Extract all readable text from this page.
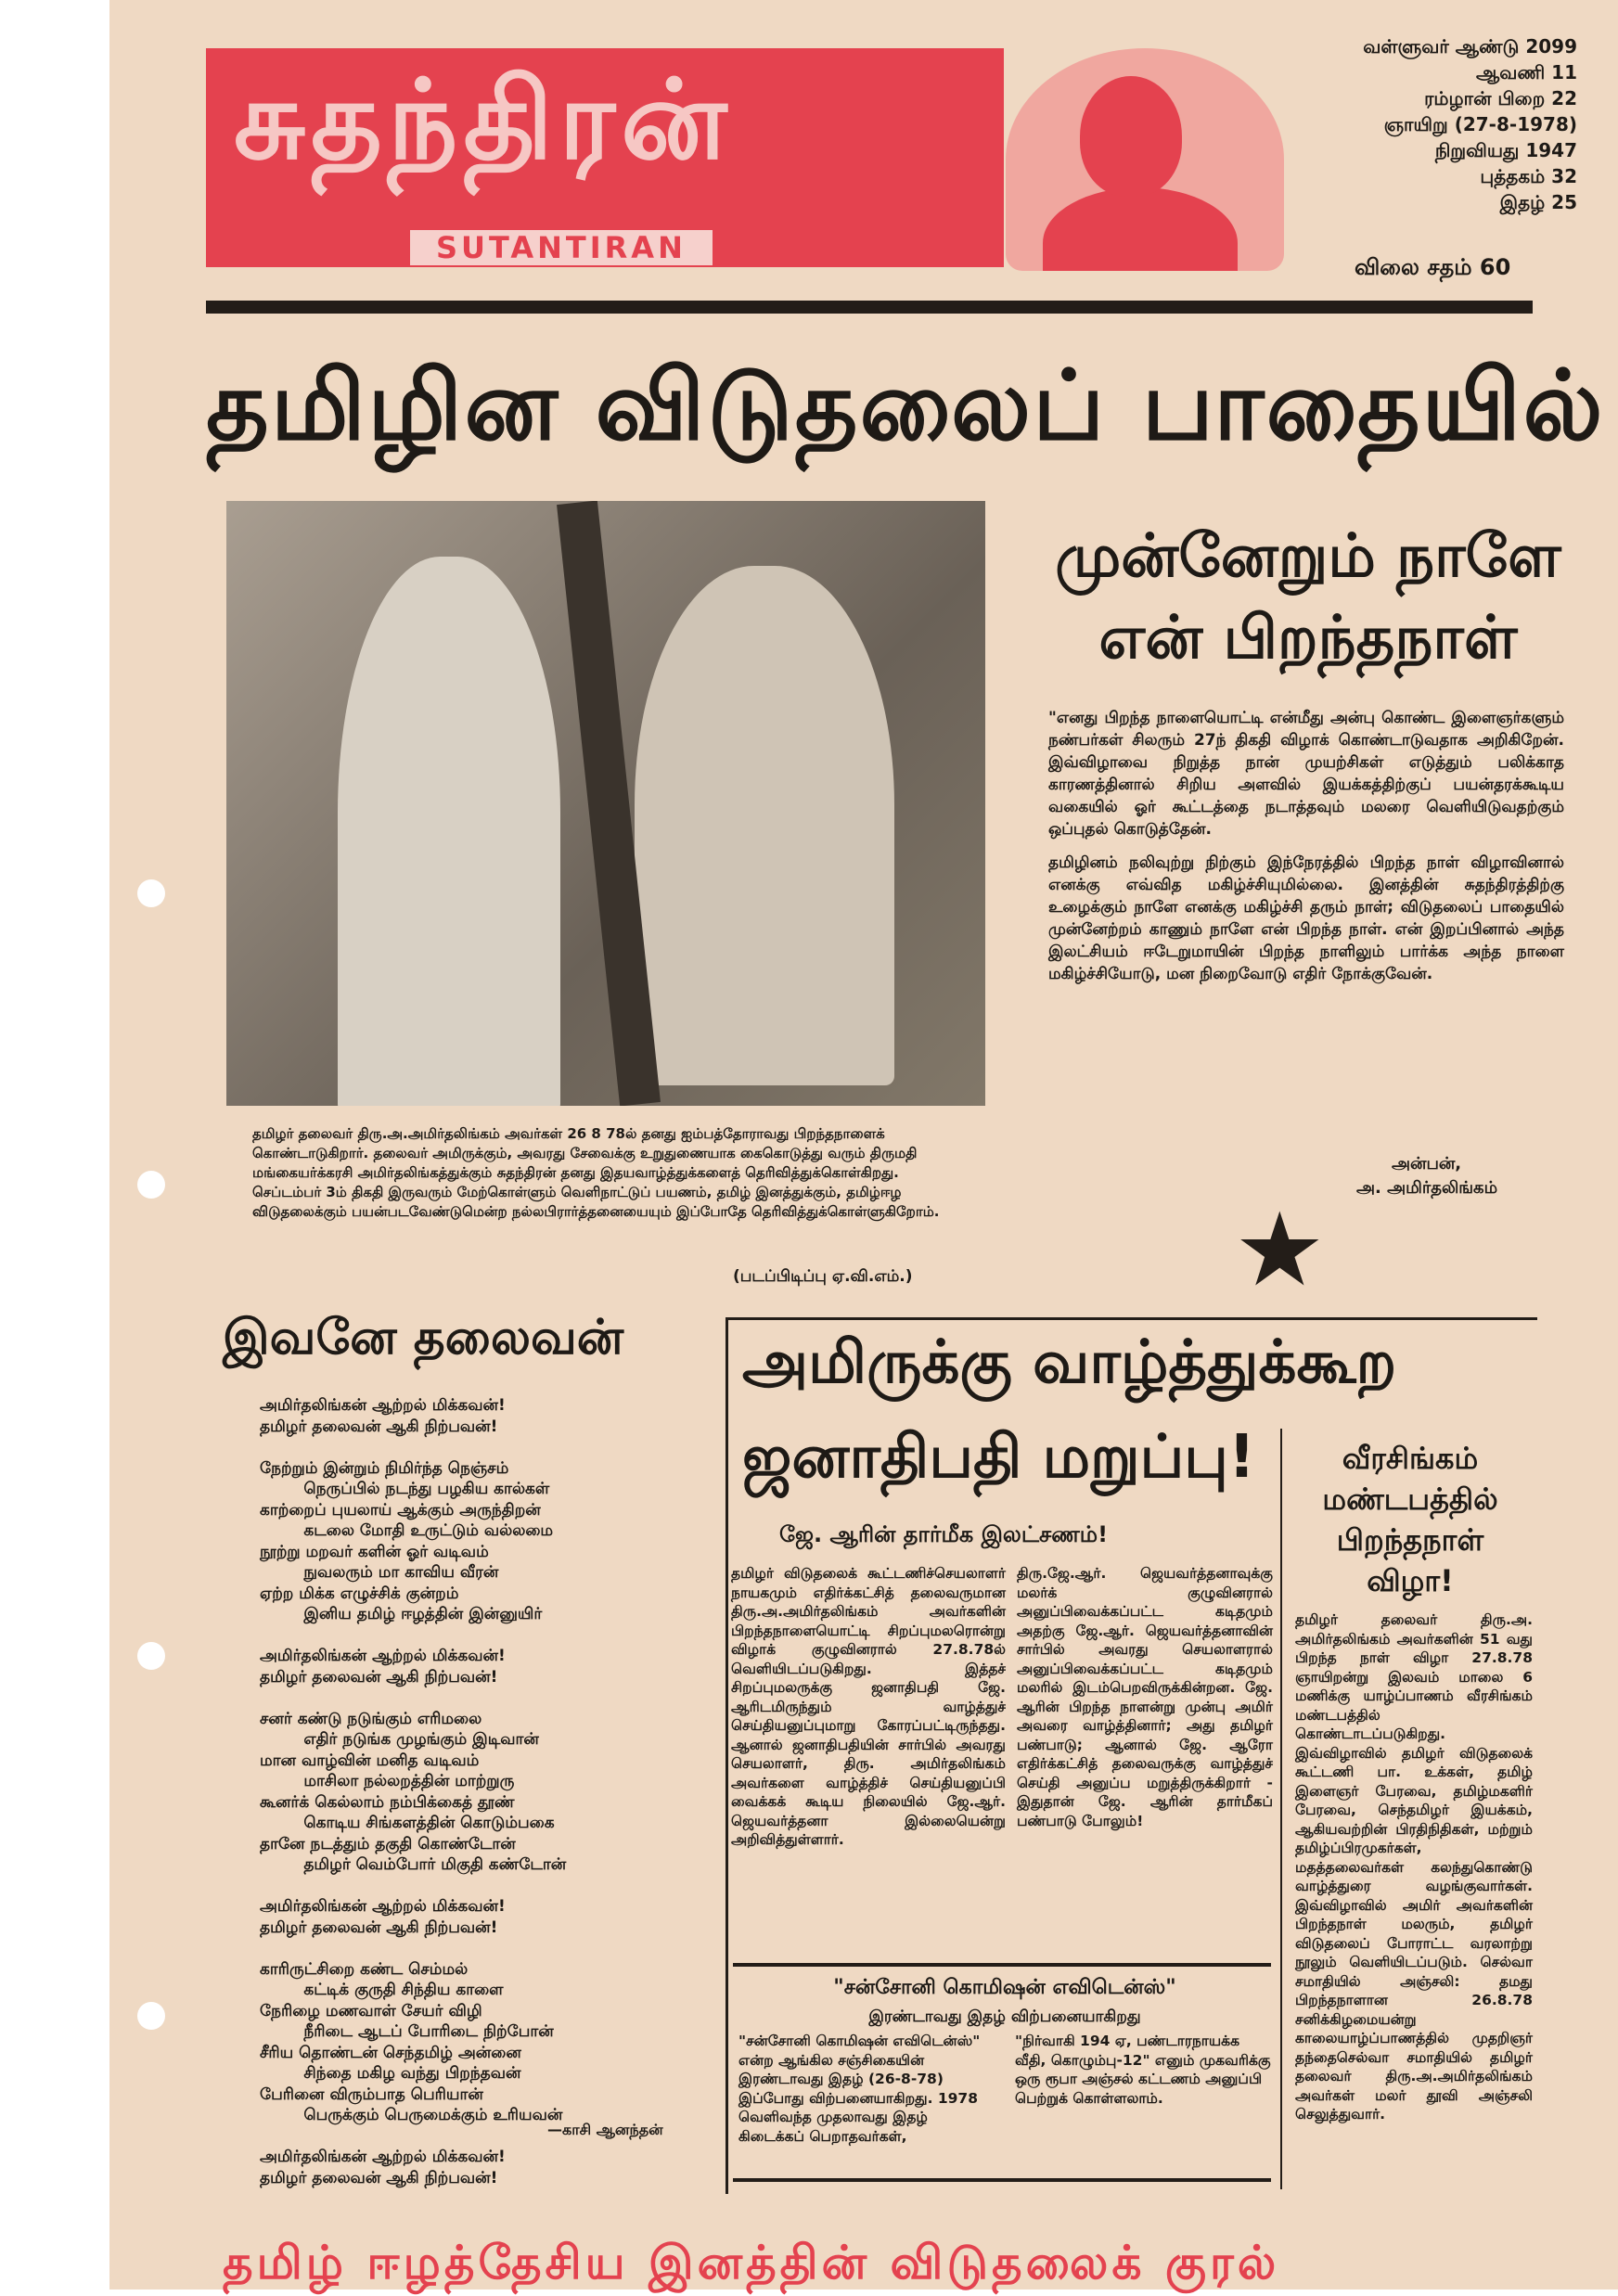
சுதந்திரன்
SUTANTIRAN
வள்ளுவர் ஆண்டு 2099
ஆவணி 11
ரம்ழான் பிறை 22
ஞாயிறு (27-8-1978)
நிறுவியது 1947
புத்தகம் 32
இதழ் 25
விலை சதம் 60
தமிழின விடுதலைப் பாதையில்
தமிழர் தலைவர் திரு.அ.அமிர்தலிங்கம் அவர்கள் 26 8 78ல் தனது ஐம்பத்தோராவது பிறந்தநாளைக் கொண்டாடுகிறார். தலைவர் அமிருக்கும், அவரது சேவைக்கு உறுதுணையாக கைகொடுத்து வரும் திருமதி மங்கையர்க்கரசி அமிர்தலிங்கத்துக்கும் சுதந்திரன் தனது இதயவாழ்த்துக்களைத் தெரிவித்துக்கொள்கிறது. செப்டம்பர் 3ம் திகதி இருவரும் மேற்கொள்ளும் வெளிநாட்டுப் பயணம், தமிழ் இனத்துக்கும், தமிழ்ஈழ விடுதலைக்கும் பயன்படவேண்டுமென்ற நல்லபிரார்த்தனையையும் இப்போதே தெரிவித்துக்கொள்ளுகிறோம்.
(படப்பிடிப்பு ஏ.வி.எம்.)
முன்னேறும் நாளே
என் பிறந்தநாள்

"எனது பிறந்த நாளையொட்டி என்மீது அன்பு கொண்ட இளைஞர்களும் நண்பர்கள் சிலரும் 27ந் திகதி விழாக் கொண்டாடுவதாக அறிகிறேன். இவ்விழாவை நிறுத்த நான் முயற்சிகள் எடுத்தும் பலிக்காத காரணத்தினால் சிறிய அளவில் இயக்கத்திற்குப் பயன்தரக்கூடிய வகையில் ஓர் கூட்டத்தை நடாத்தவும் மலரை வெளியிடுவதற்கும் ஒப்புதல் கொடுத்தேன்.

தமிழினம் நலிவுற்று நிற்கும் இந்நேரத்தில் பிறந்த நாள் விழாவினால் எனக்கு எவ்வித மகிழ்ச்சியுமில்லை. இனத்தின் சுதந்திரத்திற்கு உழைக்கும் நாளே எனக்கு மகிழ்ச்சி தரும் நாள்; விடுதலைப் பாதையில் முன்னேற்றம் காணும் நாளே என் பிறந்த நாள். என் இறப்பினால் அந்த இலட்சியம் ஈடேறுமாயின் பிறந்த நாளிலும் பார்க்க அந்த நாளை மகிழ்ச்சியோடு, மன நிறைவோடு எதிர் நோக்குவேன்.

அன்பன்,
அ. அமிர்தலிங்கம்
★
இவனே தலைவன்
அமிர்தலிங்கன் ஆற்றல் மிக்கவன்!
தமிழர் தலைவன் ஆகி நிற்பவன்!

நேற்றும் இன்றும் நிமிர்ந்த நெஞ்சம்
நெருப்பில் நடந்து பழகிய கால்கள்
காற்றைப் புயலாய் ஆக்கும் அருந்திறன்
கடலை மோதி உருட்டும் வல்லமை
நூற்று மறவர் களின் ஓர் வடிவம்
நுவலரும் மா காவிய வீரன்
ஏற்ற மிக்க எழுச்சிக் குன்றம்
இனிய தமிழ் ஈழத்தின் இன்னுயிர்

அமிர்தலிங்கன் ஆற்றல் மிக்கவன்!
தமிழர் தலைவன் ஆகி நிற்பவன்!

சனர் கண்டு நடுங்கும் எரிமலை
எதிர் நடுங்க முழங்கும் இடிவான்
மான வாழ்வின் மனித வடிவம்
மாசிலா நல்லறத்தின் மாற்றுரு
கூனர்க் கெல்லாம் நம்பிக்கைத் தூண்
கொடிய சிங்களத்தின் கொடும்பகை
தானே நடத்தும் தகுதி கொண்டோன்
தமிழர் வெம்போர் மிகுதி கண்டோன்

அமிர்தலிங்கன் ஆற்றல் மிக்கவன்!
தமிழர் தலைவன் ஆகி நிற்பவன்!

காரிருட்சிறை கண்ட செம்மல்
கட்டிக் குருதி சிந்திய காளை
நேரிழை மணவாள் சேயர் விழி
நீரிடை ஆடப் போரிடை நிற்போன்
சீரிய தொண்டன் செந்தமிழ் அன்னை
சிந்தை மகிழ வந்து பிறந்தவன்
பேரினை விரும்பாத பெரியான்
பெருக்கும் பெருமைக்கும் உரியவன்

அமிர்தலிங்கன் ஆற்றல் மிக்கவன்!
தமிழர் தலைவன் ஆகி நிற்பவன்!
—காசி ஆனந்தன்
அமிருக்கு வாழ்த்துக்கூற
ஜனாதிபதி மறுப்பு!
ஜே. ஆரின் தார்மீக இலட்சணம்!
தமிழர் விடுதலைக் கூட்டணிச்செயலாளர் நாயகமும் எதிர்க்கட்சித் தலைவருமான திரு.அ.அமிர்தலிங்கம் அவர்களின் பிறந்தநாளையொட்டி சிறப்புமலரொன்று விழாக் குழுவினரால் 27.8.78ல் வெளியிடப்படுகிறது. இத்தச் சிறப்புமலருக்கு ஜனாதிபதி ஜே. ஆரிடமிருந்தும் வாழ்த்துச் செய்தியனுப்புமாறு கோரப்பட்டிருந்தது. ஆனால் ஜனாதிபதியின் சார்பில் அவரது செயலாளர், திரு. அமிர்தலிங்கம் அவர்களை வாழ்த்திச் செய்தியனுப்பி வைக்கக் கூடிய நிலையில் ஜே.ஆர். ஜெயவர்த்தனா இல்லையென்று அறிவித்துள்ளார்.
திரு.ஜே.ஆர். ஜெயவர்த்தனாவுக்கு மலர்க் குழுவினரால் அனுப்பிவைக்கப்பட்ட கடிதமும் அதற்கு ஜே.ஆர். ஜெயவர்த்தனாவின் சார்பில் அவரது செயலாளரால் அனுப்பிவைக்கப்பட்ட கடிதமும் மலரில் இடம்பெறவிருக்கின்றன. ஜே. ஆரின் பிறந்த நாளன்று முன்பு அமிர் அவரை வாழ்த்தினார்; அது தமிழர் பண்பாடு; ஆனால் ஜே. ஆரோ எதிர்க்கட்சித் தலைவருக்கு வாழ்த்துச் செய்தி அனுப்ப மறுத்திருக்கிறார் - இதுதான் ஜே. ஆரின் தார்மீகப் பண்பாடு போலும்!
"சன்சோனி கொமிஷன் எவிடென்ஸ்"
இரண்டாவது இதழ் விற்பனையாகிறது
"சன்சோனி கொமிஷன் எவிடென்ஸ்" என்ற ஆங்கில சஞ்சிகையின் இரண்டாவது இதழ் (26-8-78) இப்போது விற்பனையாகிறது. 1978 வெளிவந்த முதலாவது இதழ் கிடைக்கப் பெறாதவர்கள்,
"நிர்வாகி 194 ஏ, பண்டாரநாயக்க வீதி, கொழும்பு-12" எனும் முகவரிக்கு ஒரு ரூபா அஞ்சல் கட்டணம் அனுப்பி பெற்றுக் கொள்ளலாம்.
வீரசிங்கம் மண்டபத்தில் பிறந்தநாள் விழா!
தமிழர் தலைவர் திரு.அ. அமிர்தலிங்கம் அவர்களின் 51 வது பிறந்த நாள் விழா 27.8.78 ஞாயிறன்று இலவம் மாலை 6 மணிக்கு யாழ்ப்பாணம் வீரசிங்கம் மண்டபத்தில் கொண்டாடப்படுகிறது. இவ்விழாவில் தமிழர் விடுதலைக் கூட்டணி பா. உக்கள், தமிழ் இளைஞர் பேரவை, தமிழ்மகளிர் பேரவை, செந்தமிழர் இயக்கம், ஆகியவற்றின் பிரதிநிதிகள், மற்றும் தமிழ்ப்பிரமுகர்கள், மதத்தலைவர்கள் கலந்துகொண்டு வாழ்த்துரை வழங்குவார்கள். இவ்விழாவில் அமிர் அவர்களின் பிறந்தநாள் மலரும், தமிழர் விடுதலைப் போராட்ட வரலாற்று நூலும் வெளியிடப்படும். செல்வா சமாதியில் அஞ்சலி: தமது பிறந்தநாளான 26.8.78 சனிக்கிழமையன்று காலையாழ்ப்பாணத்தில் முதறிஞர் தந்தைசெல்வா சமாதியில் தமிழர் தலைவர் திரு.அ.அமிர்தலிங்கம் அவர்கள் மலர் தூவி அஞ்சலி செலுத்துவார்.
தமிழ் ஈழத்தேசிய இனத்தின் விடுதலைக் குரல்
